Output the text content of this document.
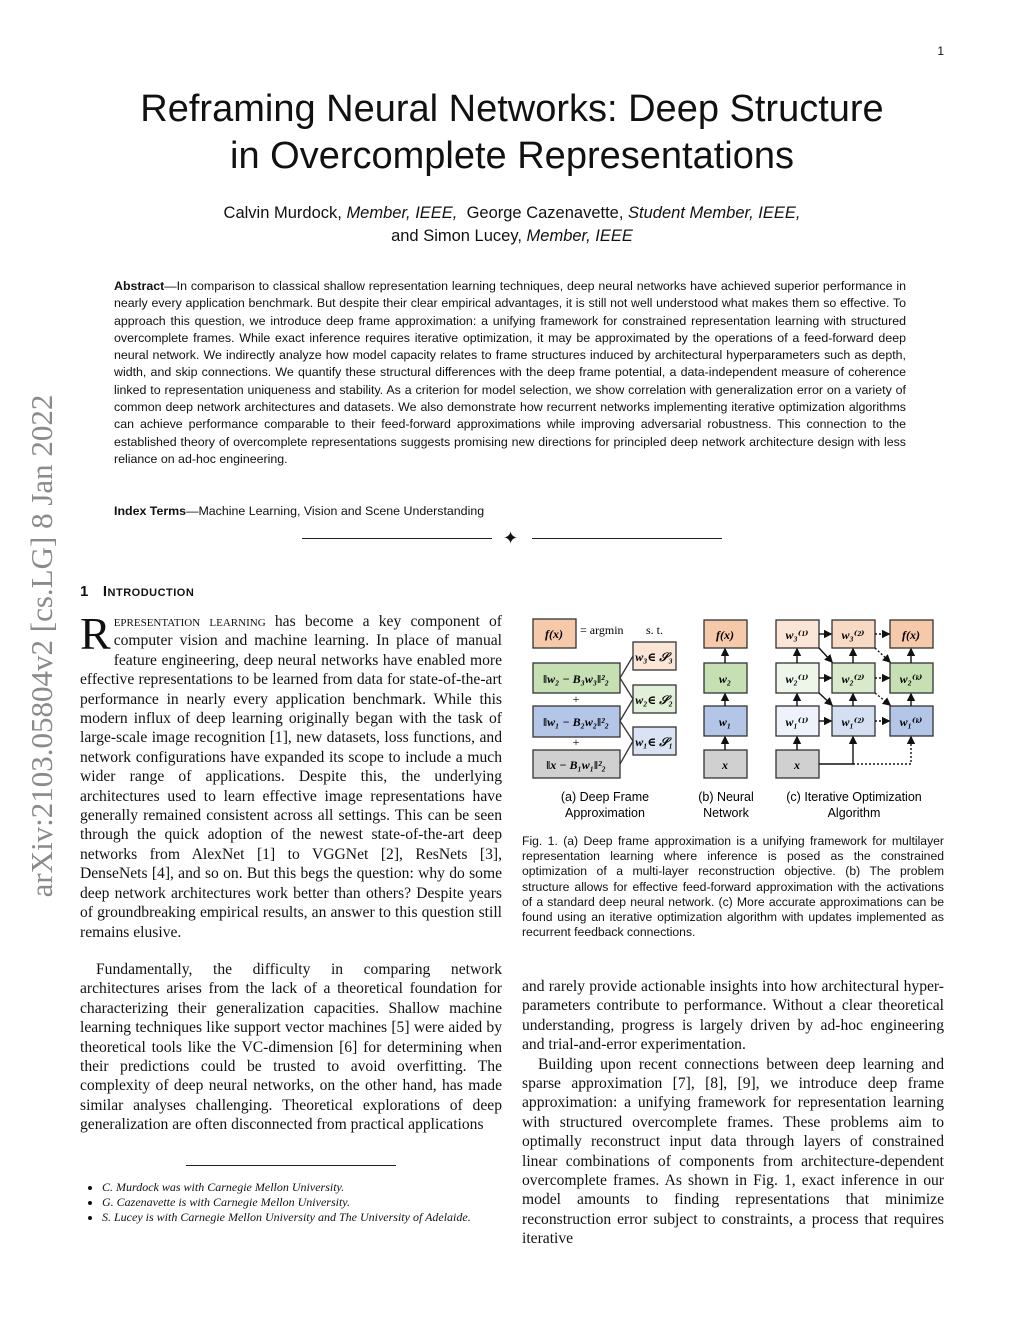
1
arXiv:2103.05804v2 [cs.LG] 8 Jan 2022
Reframing Neural Networks: Deep Structure
in Overcomplete Representations
Calvin Murdock, Member, IEEE, George Cazenavette, Student Member, IEEE,
and Simon Lucey, Member, IEEE
Abstract—In comparison to classical shallow representation learning techniques, deep neural networks have achieved superior performance in nearly every application benchmark. But despite their clear empirical advantages, it is still not well understood what makes them so effective. To approach this question, we introduce deep frame approximation: a unifying framework for constrained representation learning with structured overcomplete frames. While exact inference requires iterative optimization, it may be approximated by the operations of a feed-forward deep neural network. We indirectly analyze how model capacity relates to frame structures induced by architectural hyperparameters such as depth, width, and skip connections. We quantify these structural differences with the deep frame potential, a data-independent measure of coherence linked to representation uniqueness and stability. As a criterion for model selection, we show correlation with generalization error on a variety of common deep network architectures and datasets. We also demonstrate how recurrent networks implementing iterative optimization algorithms can achieve performance comparable to their feed-forward approximations while improving adversarial robustness. This connection to the established theory of overcomplete representations suggests promising new directions for principled deep network architecture design with less reliance on ad-hoc engineering.
Index Terms—Machine Learning, Vision and Scene Understanding
✦
1 Introduction
Representation learning has become a key component of computer vision and machine learning. In place of manual feature engineering, deep neural networks have enabled more effective representations to be learned from data for state-of-the-art performance in nearly every application benchmark. While this modern influx of deep learning originally began with the task of large-scale image recognition [1], new datasets, loss functions, and network configurations have expanded its scope to include a much wider range of applications. Despite this, the underlying architectures used to learn effective image representations have generally remained consistent across all settings. This can be seen through the quick adoption of the newest state-of-the-art deep networks from AlexNet [1] to VGGNet [2], ResNets [3], DenseNets [4], and so on. But this begs the question: why do some deep network architectures work better than others? Despite years of groundbreaking empirical results, an answer to this question still remains elusive.

Fundamentally, the difficulty in comparing network architectures arises from the lack of a theoretical foundation for characterizing their generalization capacities. Shallow machine learning techniques like support vector machines [5] were aided by theoretical tools like the VC-dimension [6] for determining when their predictions could be trusted to avoid overfitting. The complexity of deep neural networks, on the other hand, has made similar analyses challenging. Theoretical explorations of deep generalization are often disconnected from practical applications

• C. Murdock was with Carnegie Mellon University.
• G. Cazenavette is with Carnegie Mellon University.
• S. Lucey is with Carnegie Mellon University and The University of Adelaide.
f(x)
‖w₂ − B₃w₃‖²₂
‖w₁ − B₂w₂‖²₂
‖x − B₁w₁‖²₂
w₃∈ 𝒮₃
w₂∈ 𝒮₂
w₁∈ 𝒮₁
f(x)
w₂
w₁
x
w₃⁽¹⁾	w₃⁽²⁾	f(x)
w₂⁽¹⁾	w₂⁽²⁾	w₂⁽ᵏ⁾
w₁⁽¹⁾	w₁⁽²⁾	w₁⁽ᵏ⁾
x
= argmin s. t.
+
+
(a) Deep Frame
Approximation
(b) Neural
Network
(c) Iterative Optimization
Algorithm
Fig. 1. (a) Deep frame approximation is a unifying framework for multilayer representation learning where inference is posed as the constrained optimization of a multi-layer reconstruction objective. (b) The problem structure allows for effective feed-forward approximation with the activations of a standard deep neural network. (c) More accurate approximations can be found using an iterative optimization algorithm with updates implemented as recurrent feedback connections.

and rarely provide actionable insights into how architectural hyper-parameters contribute to performance. Without a clear theoretical understanding, progress is largely driven by ad-hoc engineering and trial-and-error experimentation.

Building upon recent connections between deep learning and sparse approximation [7], [8], [9], we introduce deep frame approximation: a unifying framework for representation learning with structured overcomplete frames. These problems aim to optimally reconstruct input data through layers of constrained linear combinations of components from architecture-dependent overcomplete frames. As shown in Fig. 1, exact inference in our model amounts to finding representations that minimize reconstruction error subject to constraints, a process that requires iterative
